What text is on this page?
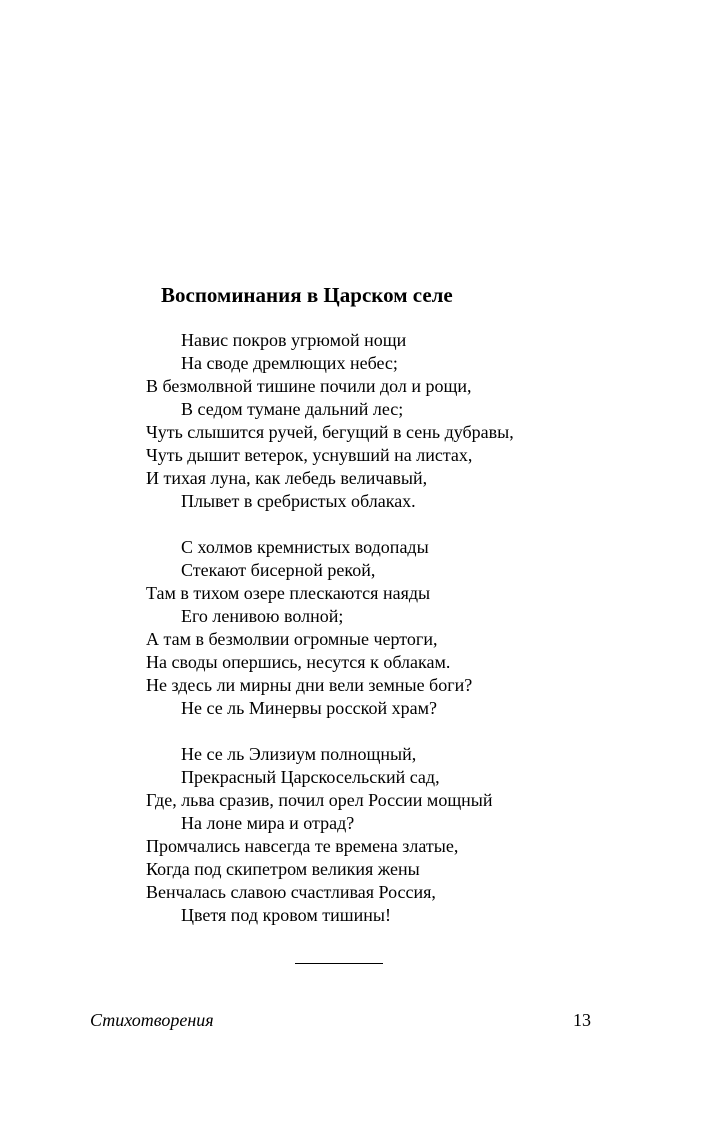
Воспоминания в Царском селе
Навис покров угрюмой нощи
На своде дремлющих небес;
В безмолвной тишине почили дол и рощи,
В седом тумане дальний лес;
Чуть слышится ручей, бегущий в сень дубравы,
Чуть дышит ветерок, уснувший на листах,
И тихая луна, как лебедь величавый,
Плывет в сребристых облаках.
С холмов кремнистых водопады
Стекают бисерной рекой,
Там в тихом озере плескаются наяды
Его ленивою волной;
А там в безмолвии огромные чертоги,
На своды опершись, несутся к облакам.
Не здесь ли мирны дни вели земные боги?
Не се ль Минервы росской храм?
Не се ль Элизиум полнощный,
Прекрасный Царскосельский сад,
Где, льва сразив, почил орел России мощный
На лоне мира и отрад?
Промчались навсегда те времена златые,
Когда под скипетром великия жены
Венчалась славою счастливая Россия,
Цветя под кровом тишины!
Стихотворения	13
